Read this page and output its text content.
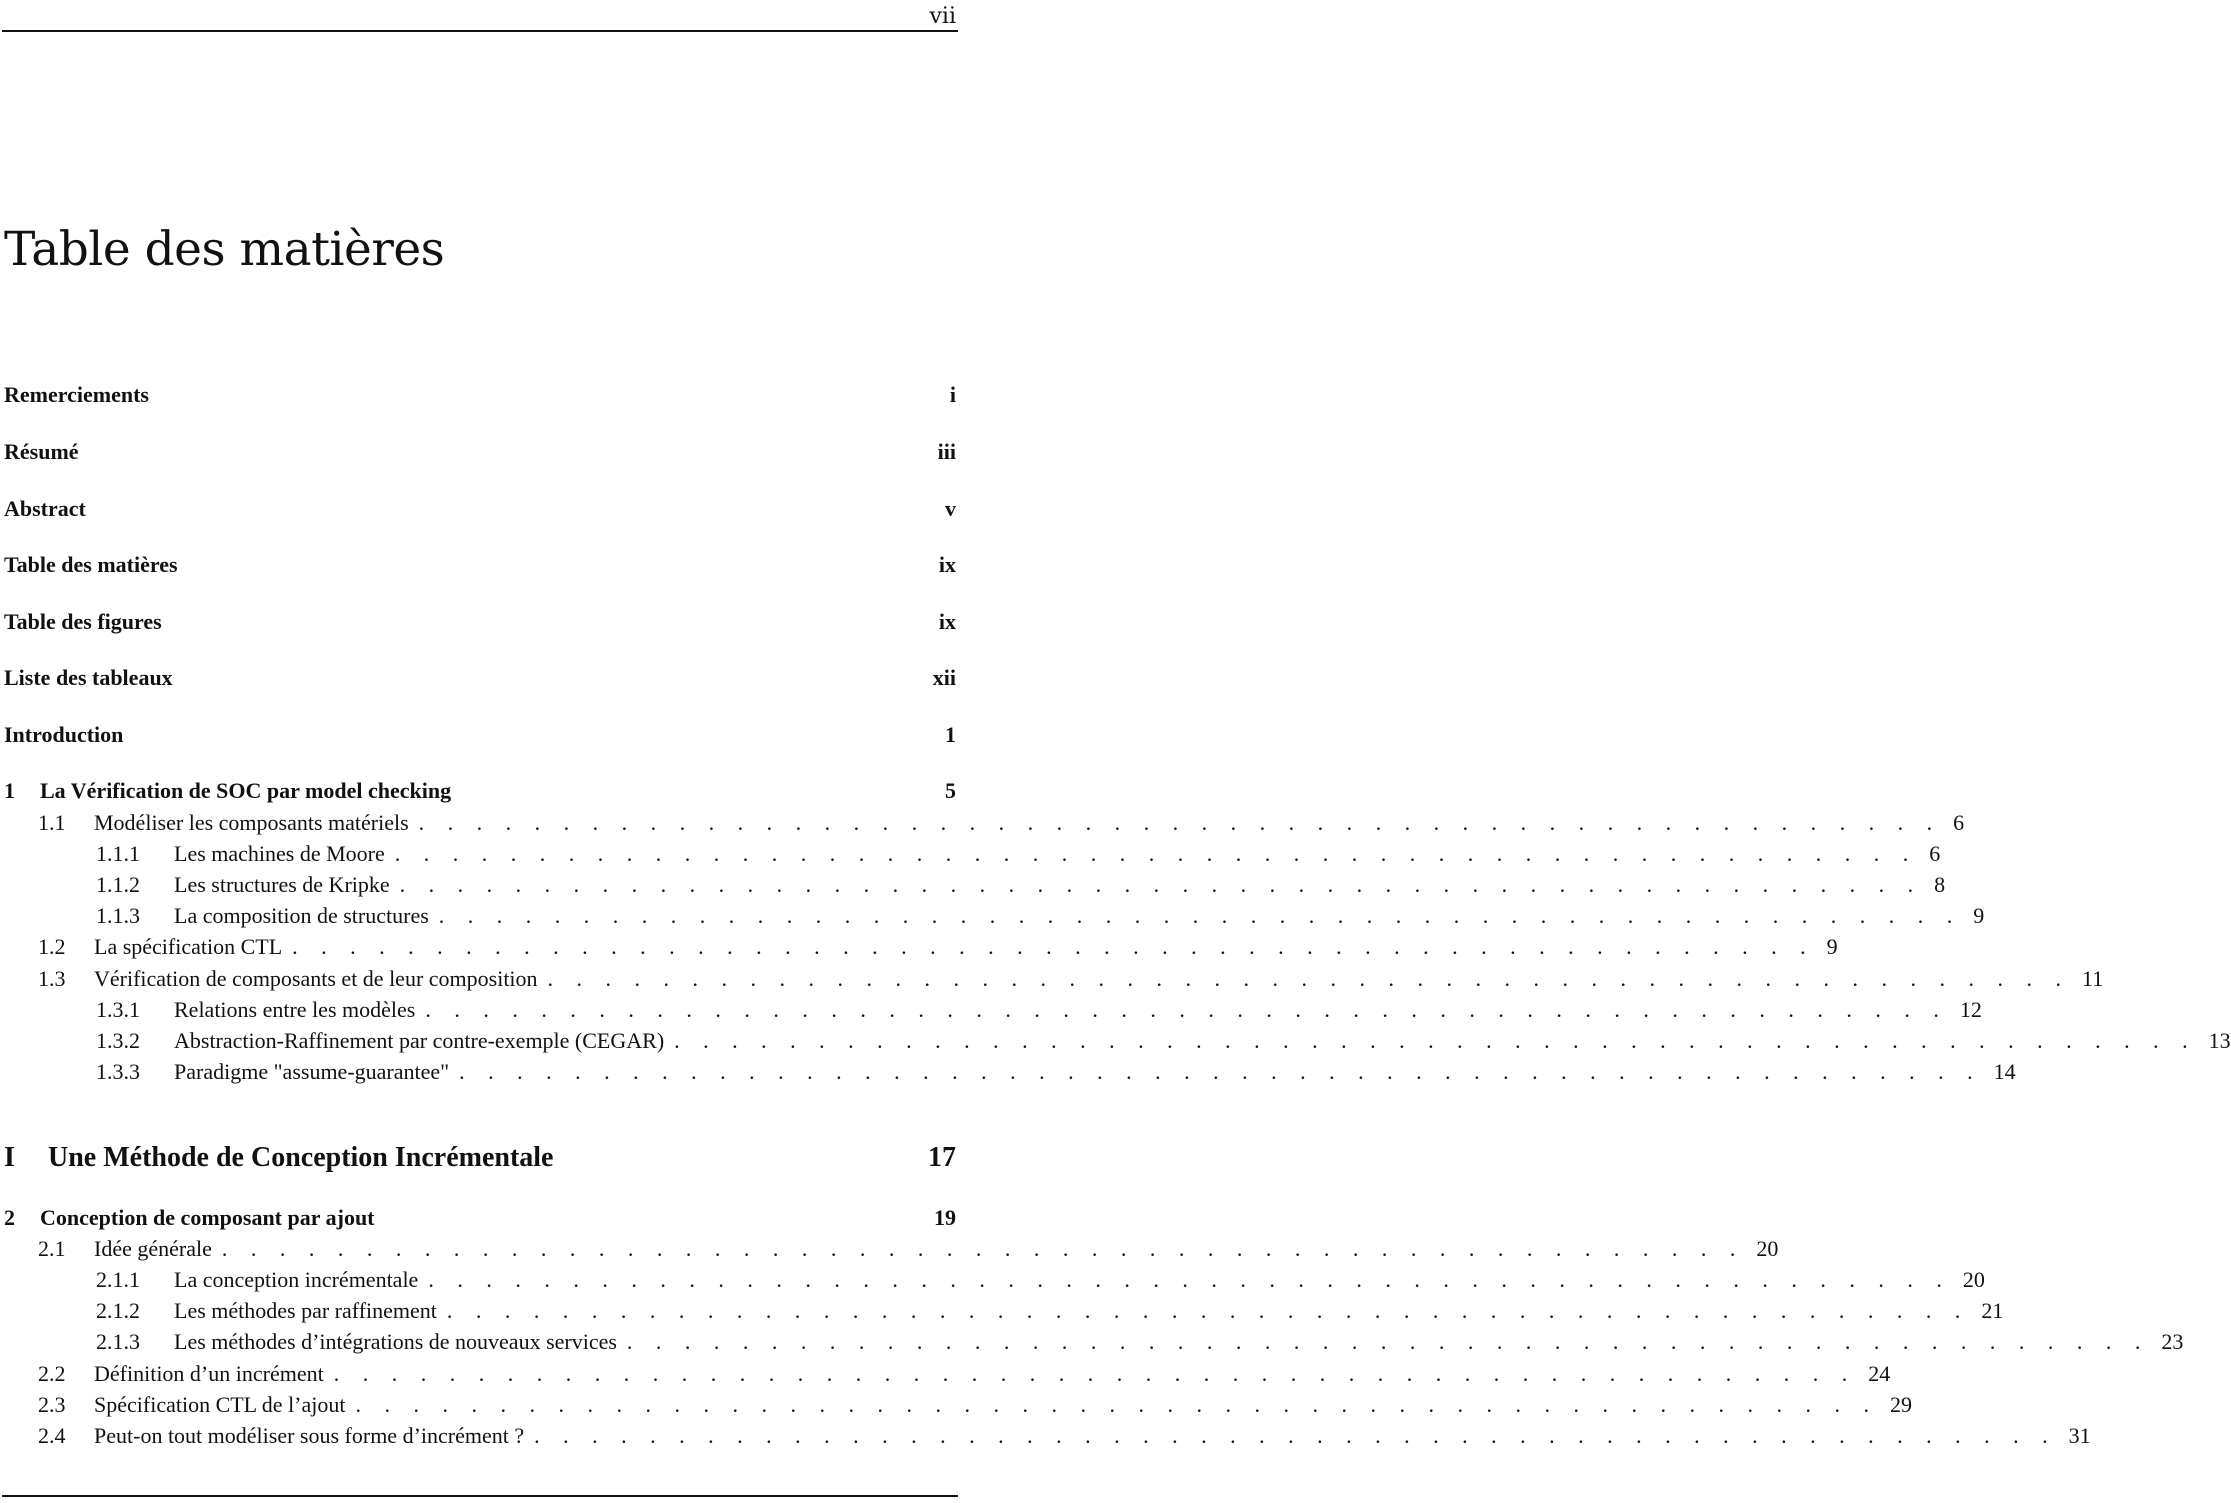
vii
Table des matières
Remerciements	i
Résumé	iii
Abstract	v
Table des matières	ix
Table des figures	ix
Liste des tableaux	xii
Introduction	1
1	La Vérification de SOC par model checking	5
1.1	Modéliser les composants matériels . . . . . . . . . . . . . . . . . . . . . . . . . . . . . . . . . . . . . . . . . . . . . . . . . . . . . 6
1.1.1	Les machines de Moore . . . . . . . . . . . . . . . . . . . . . . . . . . . . . . . . . . . . . . . . . . . . . . . . . . . . . 6
1.1.2	Les structures de Kripke . . . . . . . . . . . . . . . . . . . . . . . . . . . . . . . . . . . . . . . . . . . . . . . . . . . . . 8
1.1.3	La composition de structures . . . . . . . . . . . . . . . . . . . . . . . . . . . . . . . . . . . . . . . . . . . . . . . . . . . . . 9
1.2	La spécification CTL . . . . . . . . . . . . . . . . . . . . . . . . . . . . . . . . . . . . . . . . . . . . . . . . . . . . . 9
1.3	Vérification de composants et de leur composition . . . . . . . . . . . . . . . . . . . . . . . . . . . . . . . . . . . . . . . . . . . . . . . . . . . . . 11
1.3.1	Relations entre les modèles . . . . . . . . . . . . . . . . . . . . . . . . . . . . . . . . . . . . . . . . . . . . . . . . . . . . . 12
1.3.2	Abstraction-Raffinement par contre-exemple (CEGAR) . . . . . . . . . . . . . . . . . . . . . . . . . . . . . . . . . . . . . . . . . . . . . . . . . . . . . 13
1.3.3	Paradigme "assume-guarantee" . . . . . . . . . . . . . . . . . . . . . . . . . . . . . . . . . . . . . . . . . . . . . . . . . . . . . 14
I	Une Méthode de Conception Incrémentale	17
2	Conception de composant par ajout	19
2.1	Idée générale . . . . . . . . . . . . . . . . . . . . . . . . . . . . . . . . . . . . . . . . . . . . . . . . . . . . . 20
2.1.1	La conception incrémentale . . . . . . . . . . . . . . . . . . . . . . . . . . . . . . . . . . . . . . . . . . . . . . . . . . . . . 20
2.1.2	Les méthodes par raffinement . . . . . . . . . . . . . . . . . . . . . . . . . . . . . . . . . . . . . . . . . . . . . . . . . . . . . 21
2.1.3	Les méthodes d’intégrations de nouveaux services . . . . . . . . . . . . . . . . . . . . . . . . . . . . . . . . . . . . . . . . . . . . . . . . . . . . . 23
2.2	Définition d’un incrément . . . . . . . . . . . . . . . . . . . . . . . . . . . . . . . . . . . . . . . . . . . . . . . . . . . . . 24
2.3	Spécification CTL de l’ajout . . . . . . . . . . . . . . . . . . . . . . . . . . . . . . . . . . . . . . . . . . . . . . . . . . . . . 29
2.4	Peut-on tout modéliser sous forme d’incrément ? . . . . . . . . . . . . . . . . . . . . . . . . . . . . . . . . . . . . . . . . . . . . . . . . . . . . . 31
